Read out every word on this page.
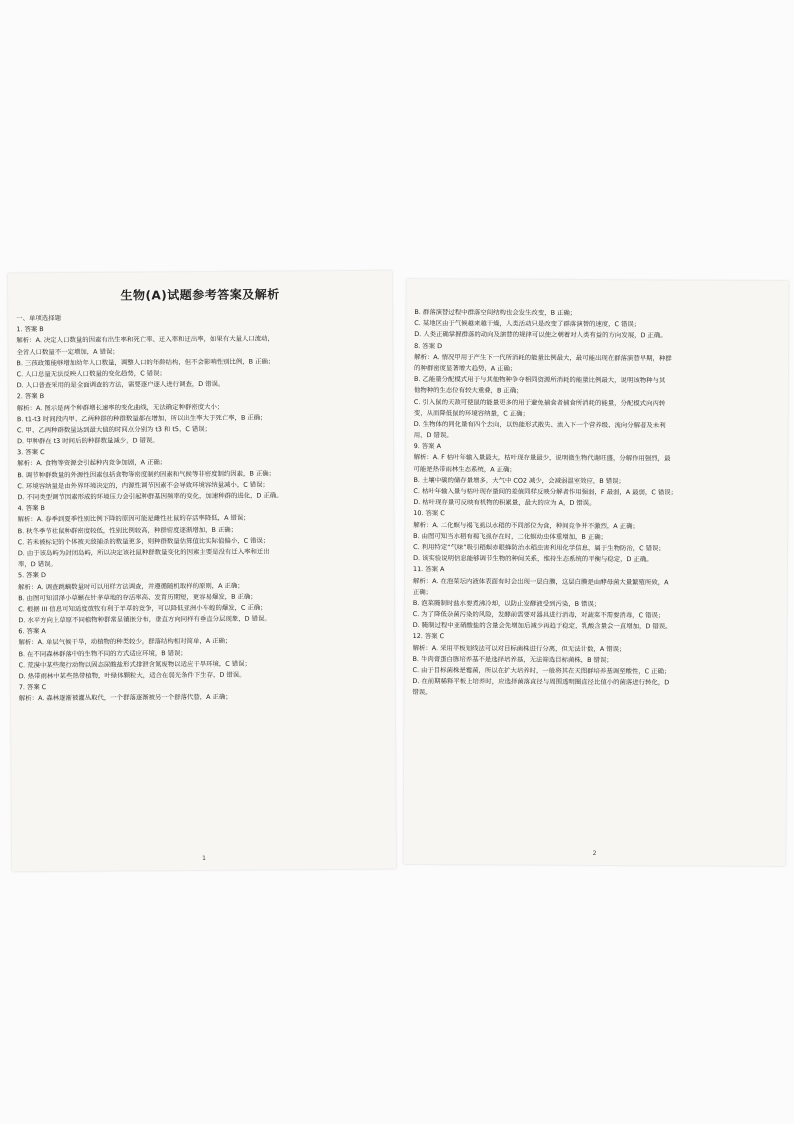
生物(A)试题参考答案及解析
一、单项选择题
1. 答案 B
解析：A. 决定人口数量的因素有出生率和死亡率、迁入率和迁出率，如果有大量人口流动，
全省人口数量不一定增加，A 错误；
B. 三孩政策能够增加幼年人口数量，调整人口的年龄结构，但不会影响性别比例，B 正确；
C. 人口总量无法反映人口数量的变化趋势，C 错误；
D. 人口普查采用的是全面调查的方法，需要逐户逐人进行调查，D 错误。
2. 答案 B
解析：A. 图示是两个种群增长速率的变化曲线，无法确定种群密度大小；
B. t1-t3 时间段内甲、乙两种群的种群数量都在增加，所以出生率大于死亡率，B 正确；
C. 甲、乙两种群数量达到最大值的时间点分别为 t3 和 t5，C 错误；
D. 甲种群在 t3 时间后的种群数量减少，D 错误。
3. 答案 C
解析：A. 食物等资源会引起种内竞争加剧，A 正确；
B. 调节种群数量的外源性因素包括食物等密度制约因素和气候等非密度制约因素，B 正确；
C. 环境容纳量是由外界环境决定的，内源性调节因素不会导致环境容纳量减小，C 错误；
D. 不同类型调节因素形成的环境压力会引起种群基因频率的变化，加速种群的进化，D 正确。
4. 答案 B
解析：A. 春季到夏季性别比例下降的原因可能是雌性社鼠的存活率降低，A 错误；
B. 秋冬季节社鼠种群密度较低，性别比例较高，种群密度逐渐增加，B 正确；
C. 若未被标记的个体被天敌捕杀的数量更多，则种群数量估算值比实际值偏小，C 错误；
D. 由于该岛屿为封闭岛屿，所以决定该社鼠种群数量变化的因素主要是没有迁入率和迁出
率，D 错误。
5. 答案 D
解析：A. 调查跳蝻数量时可以用样方法调查，并遵循随机取样的原则，A 正确；
B. 由图可知沼泽小草蜥在针茅草地的存活率高、发育历期短，更容易爆发，B 正确；
C. 根据 III 信息可知适度放牧有利于羊草的竞争，可以降低亚洲小车蝗的爆发，C 正确；
D. 水平方向上草原不同植物种群常呈镶嵌分布，垂直方向同样有垂直分层现象，D 错误。
6. 答案 A
解析：A. 单层气候干旱，动植物的种类较少，群落结构相对简单，A 正确；
B. 在不同森林群落中的生物不同的方式适应环境，B 错误；
C. 荒漠中某些爬行动物以固态尿酸盐形式排泄含氮废物以适应干旱环境，C 错误；
D. 热带雨林中某些热带植物，叶绿体颗粒大，适合在弱光条件下生存，D 错误。
7. 答案 C
解析：A. 森林逐渐被灌丛取代，一个群落逐渐被另一个群落代替，A 正确；
1
B. 群落演替过程中群落空间结构也会发生改变，B 正确；
C. 某地区由于气候越来越干燥，人类活动只是改变了群落演替的速度，C 错误；
D. 人类正确掌握群落的动向及演替的规律可以使之朝着对人类有益的方向发展，D 正确。
8. 答案 D
解析：A. 情况甲用于产生下一代所消耗的能量比例最大，最可能出现在群落演替早期，种群
的种群密度显著增大趋势，A 正确；
B. 乙能量分配模式用于与其他物种争夺相同资源所消耗的能量比例最大，说明该物种与其
他物种的生态位有较大重叠，B 正确；
C. 引入鼠的天敌可使鼠的能量更多的用于避免捕食者捕食所消耗的能量，分配模式向丙转
变，从而降低鼠的环境容纳量，C 正确；
D. 生物体的同化量有四个去向，以热能形式散失、流入下一个营养级、流向分解者及未利
用，D 错误。
9. 答案 A
解析：A. F 枯叶年输入量最大，枯叶现存量最少，说明微生物代谢旺盛，分解作用强烈，最
可能是热带雨林生态系统，A 正确；
B. 土壤中碳的储存量增多，大气中 CO2 减少，会减弱温室效应，B 错误；
C. 枯叶年输入量与枯叶现存量间的差值同样反映分解者作用强弱，F 最弱，A 最弱，C 错误；
D. 枯叶现存量可反映有机物的积累量，最大的应为 A，D 错误。
10. 答案 C
解析：A. 二化螟与褐飞虱以水稻的不同部位为食，种间竞争并不激烈，A 正确；
B. 由图可知当水稻有褐飞虱存在时，二化螟幼虫体重增加，B 正确；
C. 利用特定“气味”吸引稻螟赤眼蜂防治水稻虫害利用化学信息，属于生物防治，C 错误；
D. 该实验说明信息能够调节生物的种间关系，维持生态系统的平衡与稳定，D 正确。
11. 答案 A
解析：A. 在泡菜坛内液体表面有时会出现一层白膜，这层白膜是由酵母菌大量繁殖所致，A
正确；
B. 泡菜腌制时盐水要煮沸冷却，以防止发酵液受到污染，B 错误；
C. 为了降低杂菌污染的风险，发酵前需要对器具进行消毒，对蔬菜不需要消毒，C 错误；
D. 腌制过程中亚硝酸盐的含量会先增加后减少再趋于稳定，乳酸含量会一直增加，D 错误。
12. 答案 C
解析：A. 采用平板划线法可以对目标菌株进行分离，但无法计数，A 错误；
B. 牛肉膏蛋白胨培养基不是选择培养基，无法筛选目标菌株，B 错误；
C. 由于目标菌株是霉菌，所以在扩大培养时，一般将其在天图群培养基调至酸性，C 正确；
D. 在前期稀释平板上培养时，应选择菌落直径与周围透明圈直径比值小的菌落进行转化，D
错误。
2
